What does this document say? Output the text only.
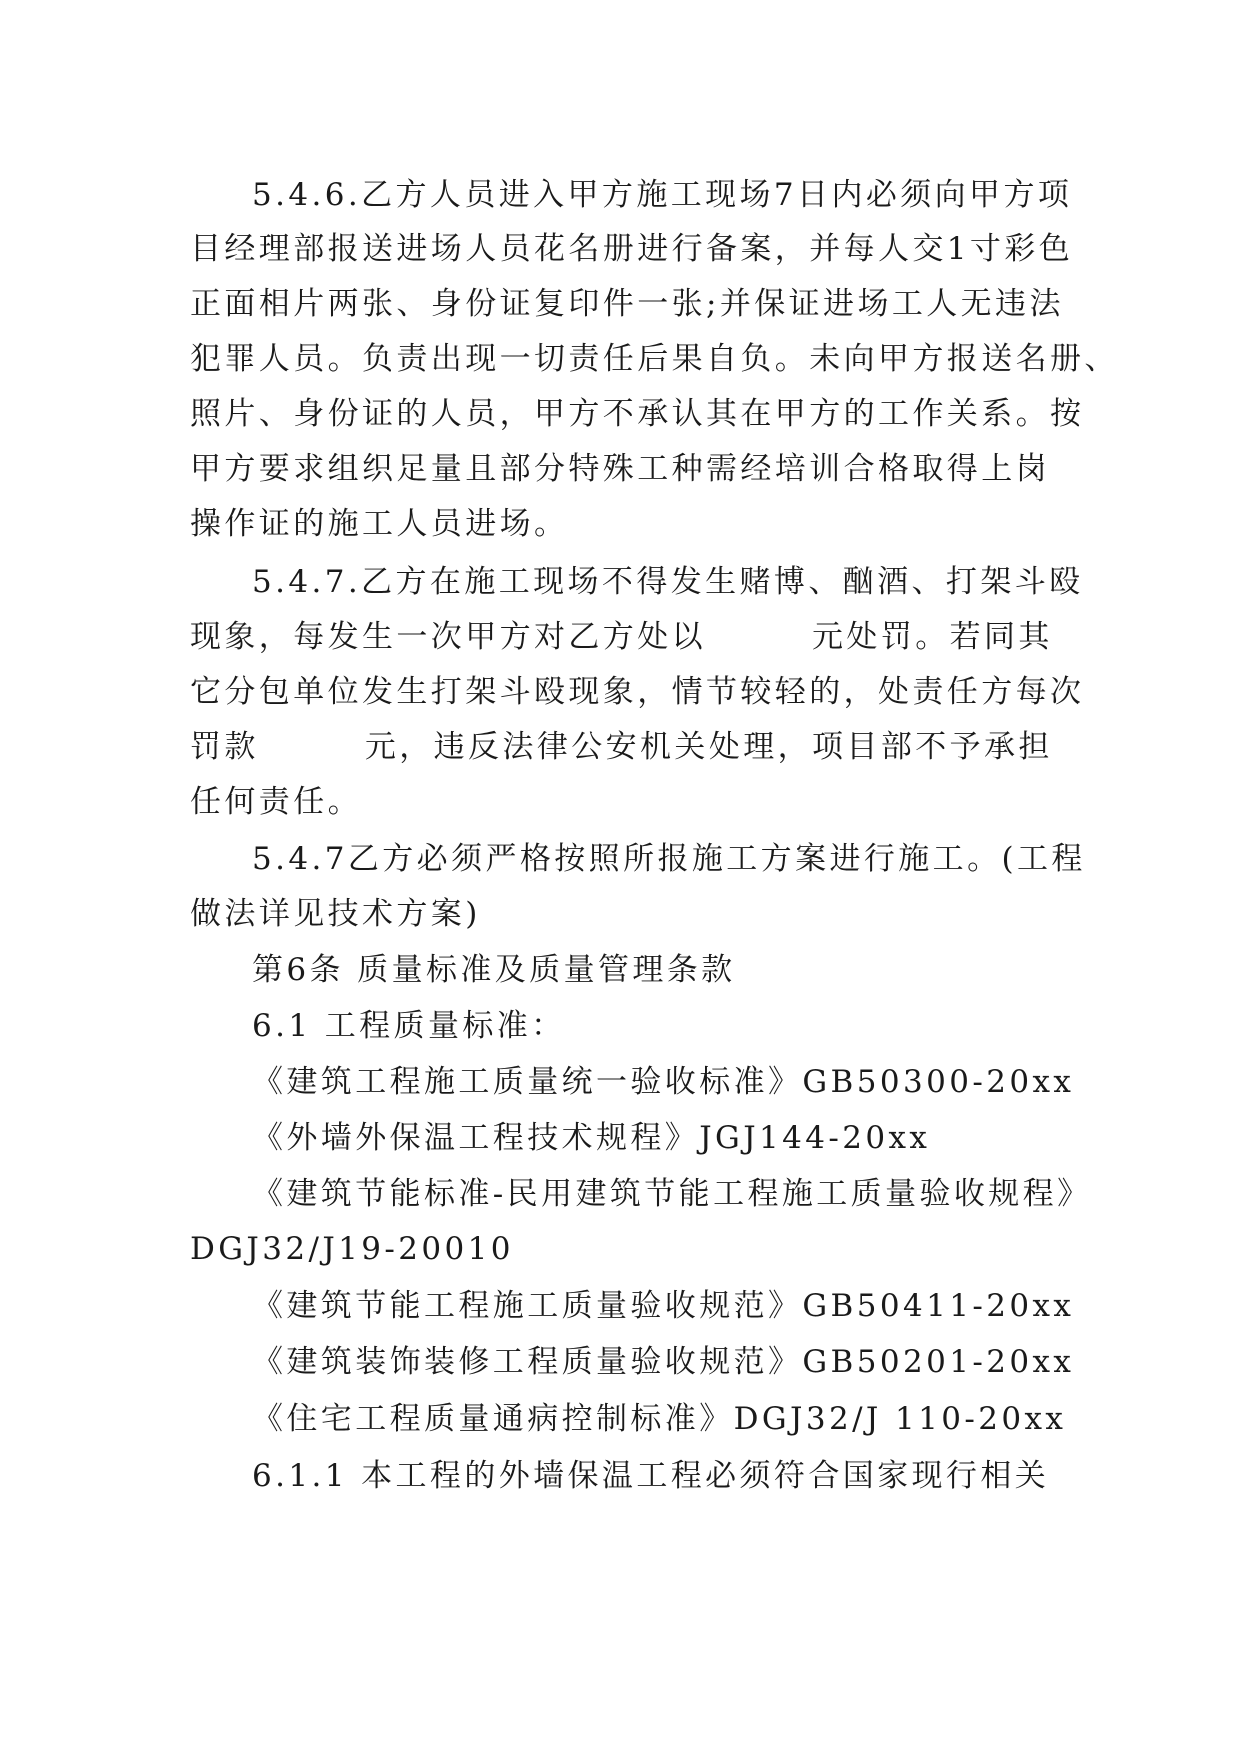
5.4.6.乙方人员进入甲方施工现场7日内必须向甲方项
目经理部报送进场人员花名册进行备案，并每人交1寸彩色
正面相片两张、身份证复印件一张;并保证进场工人无违法
犯罪人员。负责出现一切责任后果自负。未向甲方报送名册、
照片、身份证的人员，甲方不承认其在甲方的工作关系。按
甲方要求组织足量且部分特殊工种需经培训合格取得上岗
操作证的施工人员进场。
5.4.7.乙方在施工现场不得发生赌博、酗酒、打架斗殴
现象，每发生一次甲方对乙方处以        元处罚。若同其
它分包单位发生打架斗殴现象，情节较轻的，处责任方每次
罚款        元，违反法律公安机关处理，项目部不予承担
任何责任。
5.4.7乙方必须严格按照所报施工方案进行施工。(工程
做法详见技术方案)
第6条 质量标准及质量管理条款
6.1 工程质量标准：
《建筑工程施工质量统一验收标准》GB50300-20xx
《外墙外保温工程技术规程》JGJ144-20xx
《建筑节能标准-民用建筑节能工程施工质量验收规程》
DGJ32/J19-20010
《建筑节能工程施工质量验收规范》GB50411-20xx
《建筑装饰装修工程质量验收规范》GB50201-20xx
《住宅工程质量通病控制标准》DGJ32/J 110-20xx
6.1.1 本工程的外墙保温工程必须符合国家现行相关
